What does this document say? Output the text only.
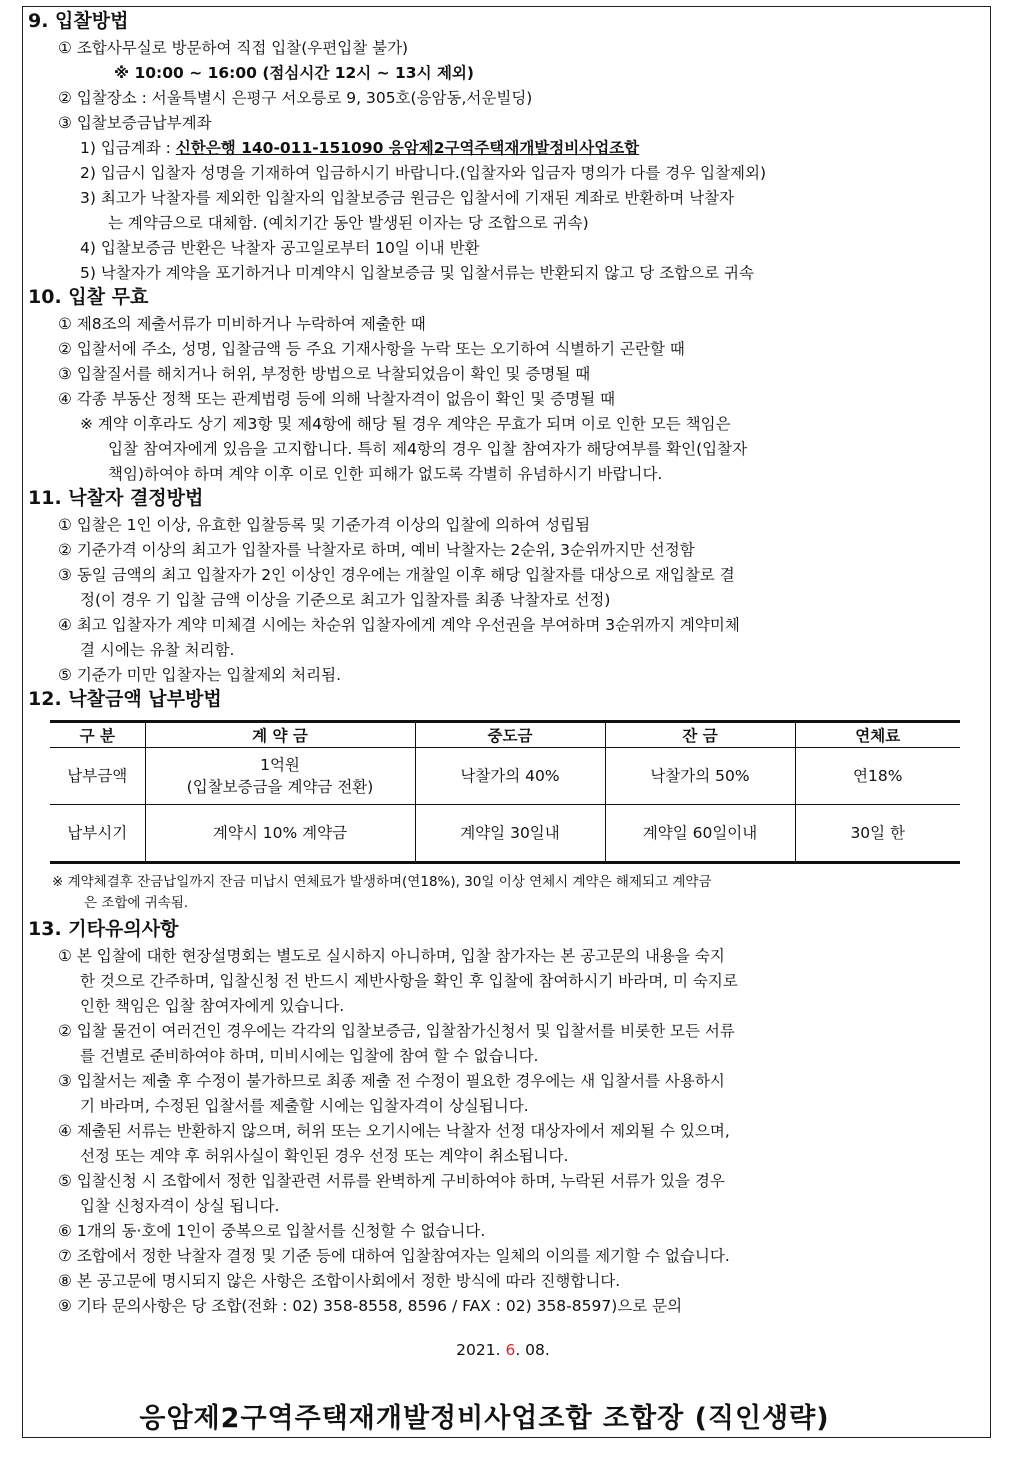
9. 입찰방법
① 조합사무실로 방문하여 직접 입찰(우편입찰 불가)
※ 10:00 ~ 16:00 (점심시간 12시 ~ 13시 제외)
② 입찰장소 : 서울특별시 은평구 서오릉로 9, 305호(응암동,서운빌딩)
③ 입찰보증금납부계좌
1) 입금계좌 : 신한은행 140-011-151090 응암제2구역주택재개발정비사업조합
2) 입금시 입찰자 성명을 기재하여 입금하시기 바랍니다.(입찰자와 입금자 명의가 다를 경우 입찰제외)
3) 최고가 낙찰자를 제외한 입찰자의 입찰보증금 원금은 입찰서에 기재된 계좌로 반환하며 낙찰자
는 계약금으로 대체함. (예치기간 동안 발생된 이자는 당 조합으로 귀속)
4) 입찰보증금 반환은 낙찰자 공고일로부터 10일 이내 반환
5) 낙찰자가 계약을 포기하거나 미계약시 입찰보증금 및 입찰서류는 반환되지 않고 당 조합으로 귀속
10. 입찰 무효
① 제8조의 제출서류가 미비하거나 누락하여 제출한 때
② 입찰서에 주소, 성명, 입찰금액 등 주요 기재사항을 누락 또는 오기하여 식별하기 곤란할 때
③ 입찰질서를 해치거나 허위, 부정한 방법으로 낙찰되었음이 확인 및 증명될 때
④ 각종 부동산 정책 또는 관계법령 등에 의해 낙찰자격이 없음이 확인 및 증명될 때
※ 계약 이후라도 상기 제3항 및 제4항에 해당 될 경우 계약은 무효가 되며 이로 인한 모든 책임은
입찰 참여자에게 있음을 고지합니다. 특히 제4항의 경우 입찰 참여자가 해당여부를 확인(입찰자
책임)하여야 하며 계약 이후 이로 인한 피해가 없도록 각별히 유념하시기 바랍니다.
11. 낙찰자 결정방법
① 입찰은 1인 이상, 유효한 입찰등록 및 기준가격 이상의 입찰에 의하여 성립됨
② 기준가격 이상의 최고가 입찰자를 낙찰자로 하며, 예비 낙찰자는 2순위, 3순위까지만 선정함
③ 동일 금액의 최고 입찰자가 2인 이상인 경우에는 개찰일 이후 해당 입찰자를 대상으로 재입찰로 결
정(이 경우 기 입찰 금액 이상을 기준으로 최고가 입찰자를 최종 낙찰자로 선정)
④ 최고 입찰자가 계약 미체결 시에는 차순위 입찰자에게 계약 우선권을 부여하며 3순위까지 계약미체
결 시에는 유찰 처리함.
⑤ 기준가 미만 입찰자는 입찰제외 처리됨.
12. 낙찰금액 납부방법
구 분	계 약 금	중도금	잔 금	연체료
납부금액	1억원
(입찰보증금을 계약금 전환)	낙찰가의 40%	낙찰가의 50%	연18%
납부시기	계약시 10% 계약금	계약일 30일내	계약일 60일이내	30일 한
※ 계약체결후 잔금납일까지 잔금 미납시 연체료가 발생하며(연18%), 30일 이상 연체시 계약은 해제되고 계약금
은 조합에 귀속됨.
13. 기타유의사항
① 본 입찰에 대한 현장설명회는 별도로 실시하지 아니하며, 입찰 참가자는 본 공고문의 내용을 숙지
한 것으로 간주하며, 입찰신청 전 반드시 제반사항을 확인 후 입찰에 참여하시기 바라며, 미 숙지로
인한 책임은 입찰 참여자에게 있습니다.
② 입찰 물건이 여러건인 경우에는 각각의 입찰보증금, 입찰참가신청서 및 입찰서를 비롯한 모든 서류
를 건별로 준비하여야 하며, 미비시에는 입찰에 참여 할 수 없습니다.
③ 입찰서는 제출 후 수정이 불가하므로 최종 제출 전 수정이 필요한 경우에는 새 입찰서를 사용하시
기 바라며, 수정된 입찰서를 제출할 시에는 입찰자격이 상실됩니다.
④ 제출된 서류는 반환하지 않으며, 허위 또는 오기시에는 낙찰자 선정 대상자에서 제외될 수 있으며,
선정 또는 계약 후 허위사실이 확인된 경우 선정 또는 계약이 취소됩니다.
⑤ 입찰신청 시 조합에서 정한 입찰관련 서류를 완벽하게 구비하여야 하며, 누락된 서류가 있을 경우
입찰 신청자격이 상실 됩니다.
⑥ 1개의 동·호에 1인이 중복으로 입찰서를 신청할 수 없습니다.
⑦ 조합에서 정한 낙찰자 결정 및 기준 등에 대하여 입찰참여자는 일체의 이의를 제기할 수 없습니다.
⑧ 본 공고문에 명시되지 않은 사항은 조합이사회에서 정한 방식에 따라 진행합니다.
⑨ 기타 문의사항은 당 조합(전화 : 02) 358-8558, 8596 / FAX : 02) 358-8597)으로 문의
2021. 6. 08.
응암제2구역주택재개발정비사업조합 조합장 (직인생략)
